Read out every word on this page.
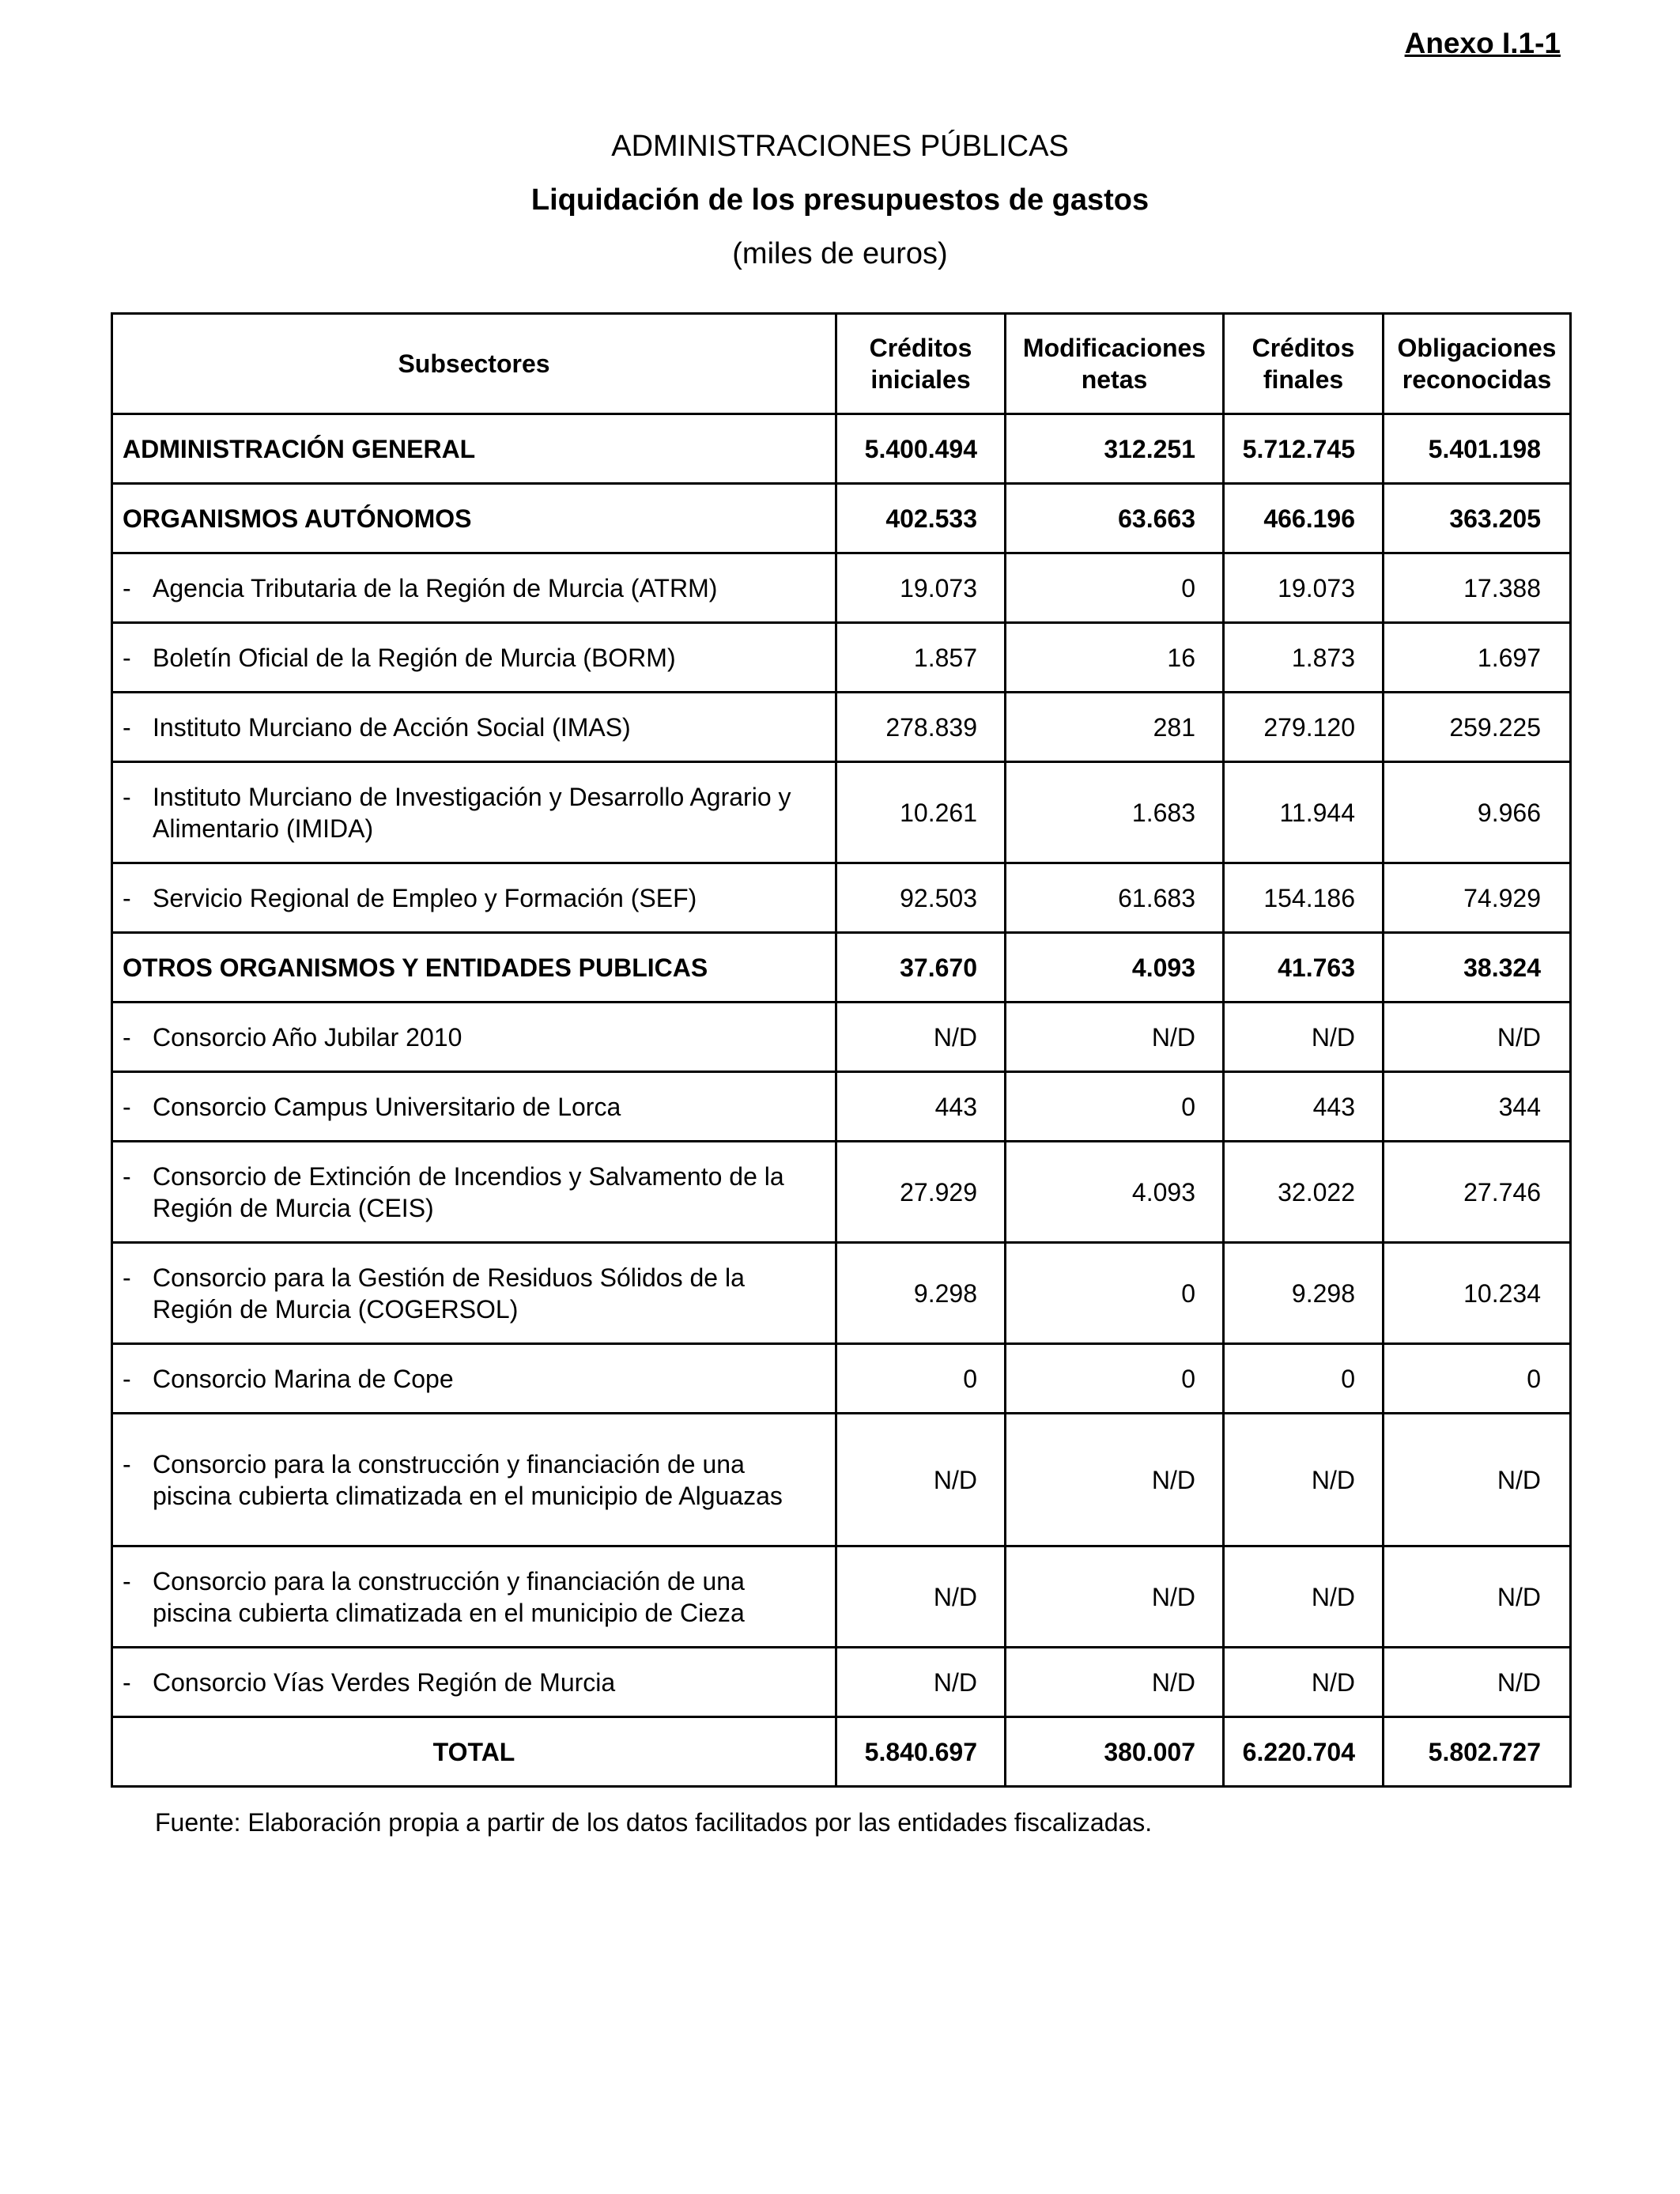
Anexo I.1-1
ADMINISTRACIONES PÚBLICAS
Liquidación de los presupuestos de gastos
(miles de euros)
Subsectores	Créditos iniciales	Modificaciones netas	Créditos finales	Obligaciones reconocidas
ADMINISTRACIÓN GENERAL	5.400.494	312.251	5.712.745	5.401.198
ORGANISMOS AUTÓNOMOS	402.533	63.663	466.196	363.205

- Agencia Tributaria de la Región de Murcia (ATRM)	19.073	0	19.073	17.388

- Boletín Oficial de la Región de Murcia (BORM)	1.857	16	1.873	1.697

- Instituto Murciano de Acción Social (IMAS)	278.839	281	279.120	259.225

- Instituto Murciano de Investigación y Desarrollo Agrario y Alimentario (IMIDA)	10.261	1.683	11.944	9.966

- Servicio Regional de Empleo y Formación (SEF)	92.503	61.683	154.186	74.929
OTROS ORGANISMOS Y ENTIDADES PUBLICAS	37.670	4.093	41.763	38.324

- Consorcio Año Jubilar 2010	N/D	N/D	N/D	N/D

- Consorcio Campus Universitario de Lorca	443	0	443	344

- Consorcio de Extinción de Incendios y Salvamento de la Región de Murcia (CEIS)	27.929	4.093	32.022	27.746

- Consorcio para la Gestión de Residuos Sólidos de la Región de Murcia (COGERSOL)	9.298	0	9.298	10.234

- Consorcio Marina de Cope	0	0	0	0

- Consorcio para la construcción y financiación de una piscina cubierta climatizada en el municipio de Alguazas	N/D	N/D	N/D	N/D

- Consorcio para la construcción y financiación de una piscina cubierta climatizada en el municipio de Cieza	N/D	N/D	N/D	N/D

- Consorcio Vías Verdes Región de Murcia	N/D	N/D	N/D	N/D
TOTAL	5.840.697	380.007	6.220.704	5.802.727
Fuente: Elaboración propia a partir de los datos facilitados por las entidades fiscalizadas.
